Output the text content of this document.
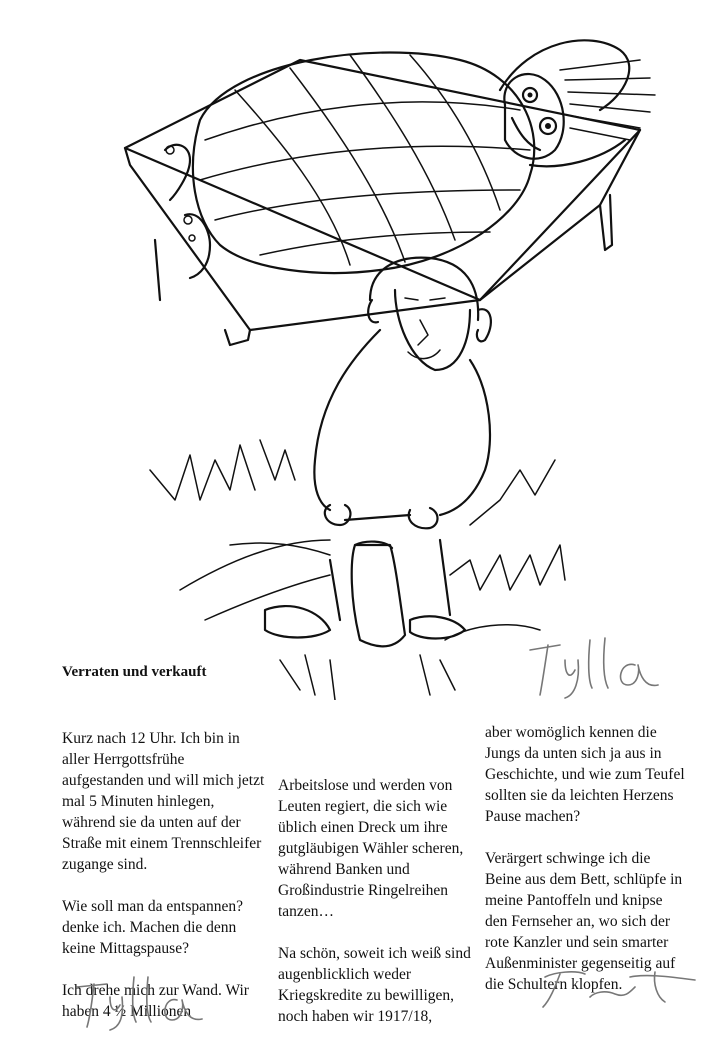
Verraten und verkauft

Kurz nach 12 Uhr. Ich bin in aller Herrgottsfrühe aufgestanden und will mich jetzt mal 5 Minuten hinlegen, während sie da unten auf der Straße mit einem Trennschleifer zugange sind.

Wie soll man da entspannen? denke ich. Machen die denn keine Mittagspause?

Ich drehe mich zur Wand. Wir haben 4 ½ Millionen

Arbeitslose und werden von Leuten regiert, die sich wie üblich einen Dreck um ihre gutgläubigen Wähler scheren, während Banken und Großindustrie Ringelreihen tanzen…

Na schön, soweit ich weiß sind augenblicklich weder Kriegskredite zu bewilligen, noch haben wir 1917/18,

aber womöglich kennen die Jungs da unten sich ja aus in Geschichte, und wie zum Teufel sollten sie da leichten Herzens Pause machen?

Verärgert schwinge ich die Beine aus dem Bett, schlüpfe in meine Pantoffeln und knipse den Fernseher an, wo sich der rote Kanzler und sein smarter Außenminister gegenseitig auf die Schultern klopfen.
